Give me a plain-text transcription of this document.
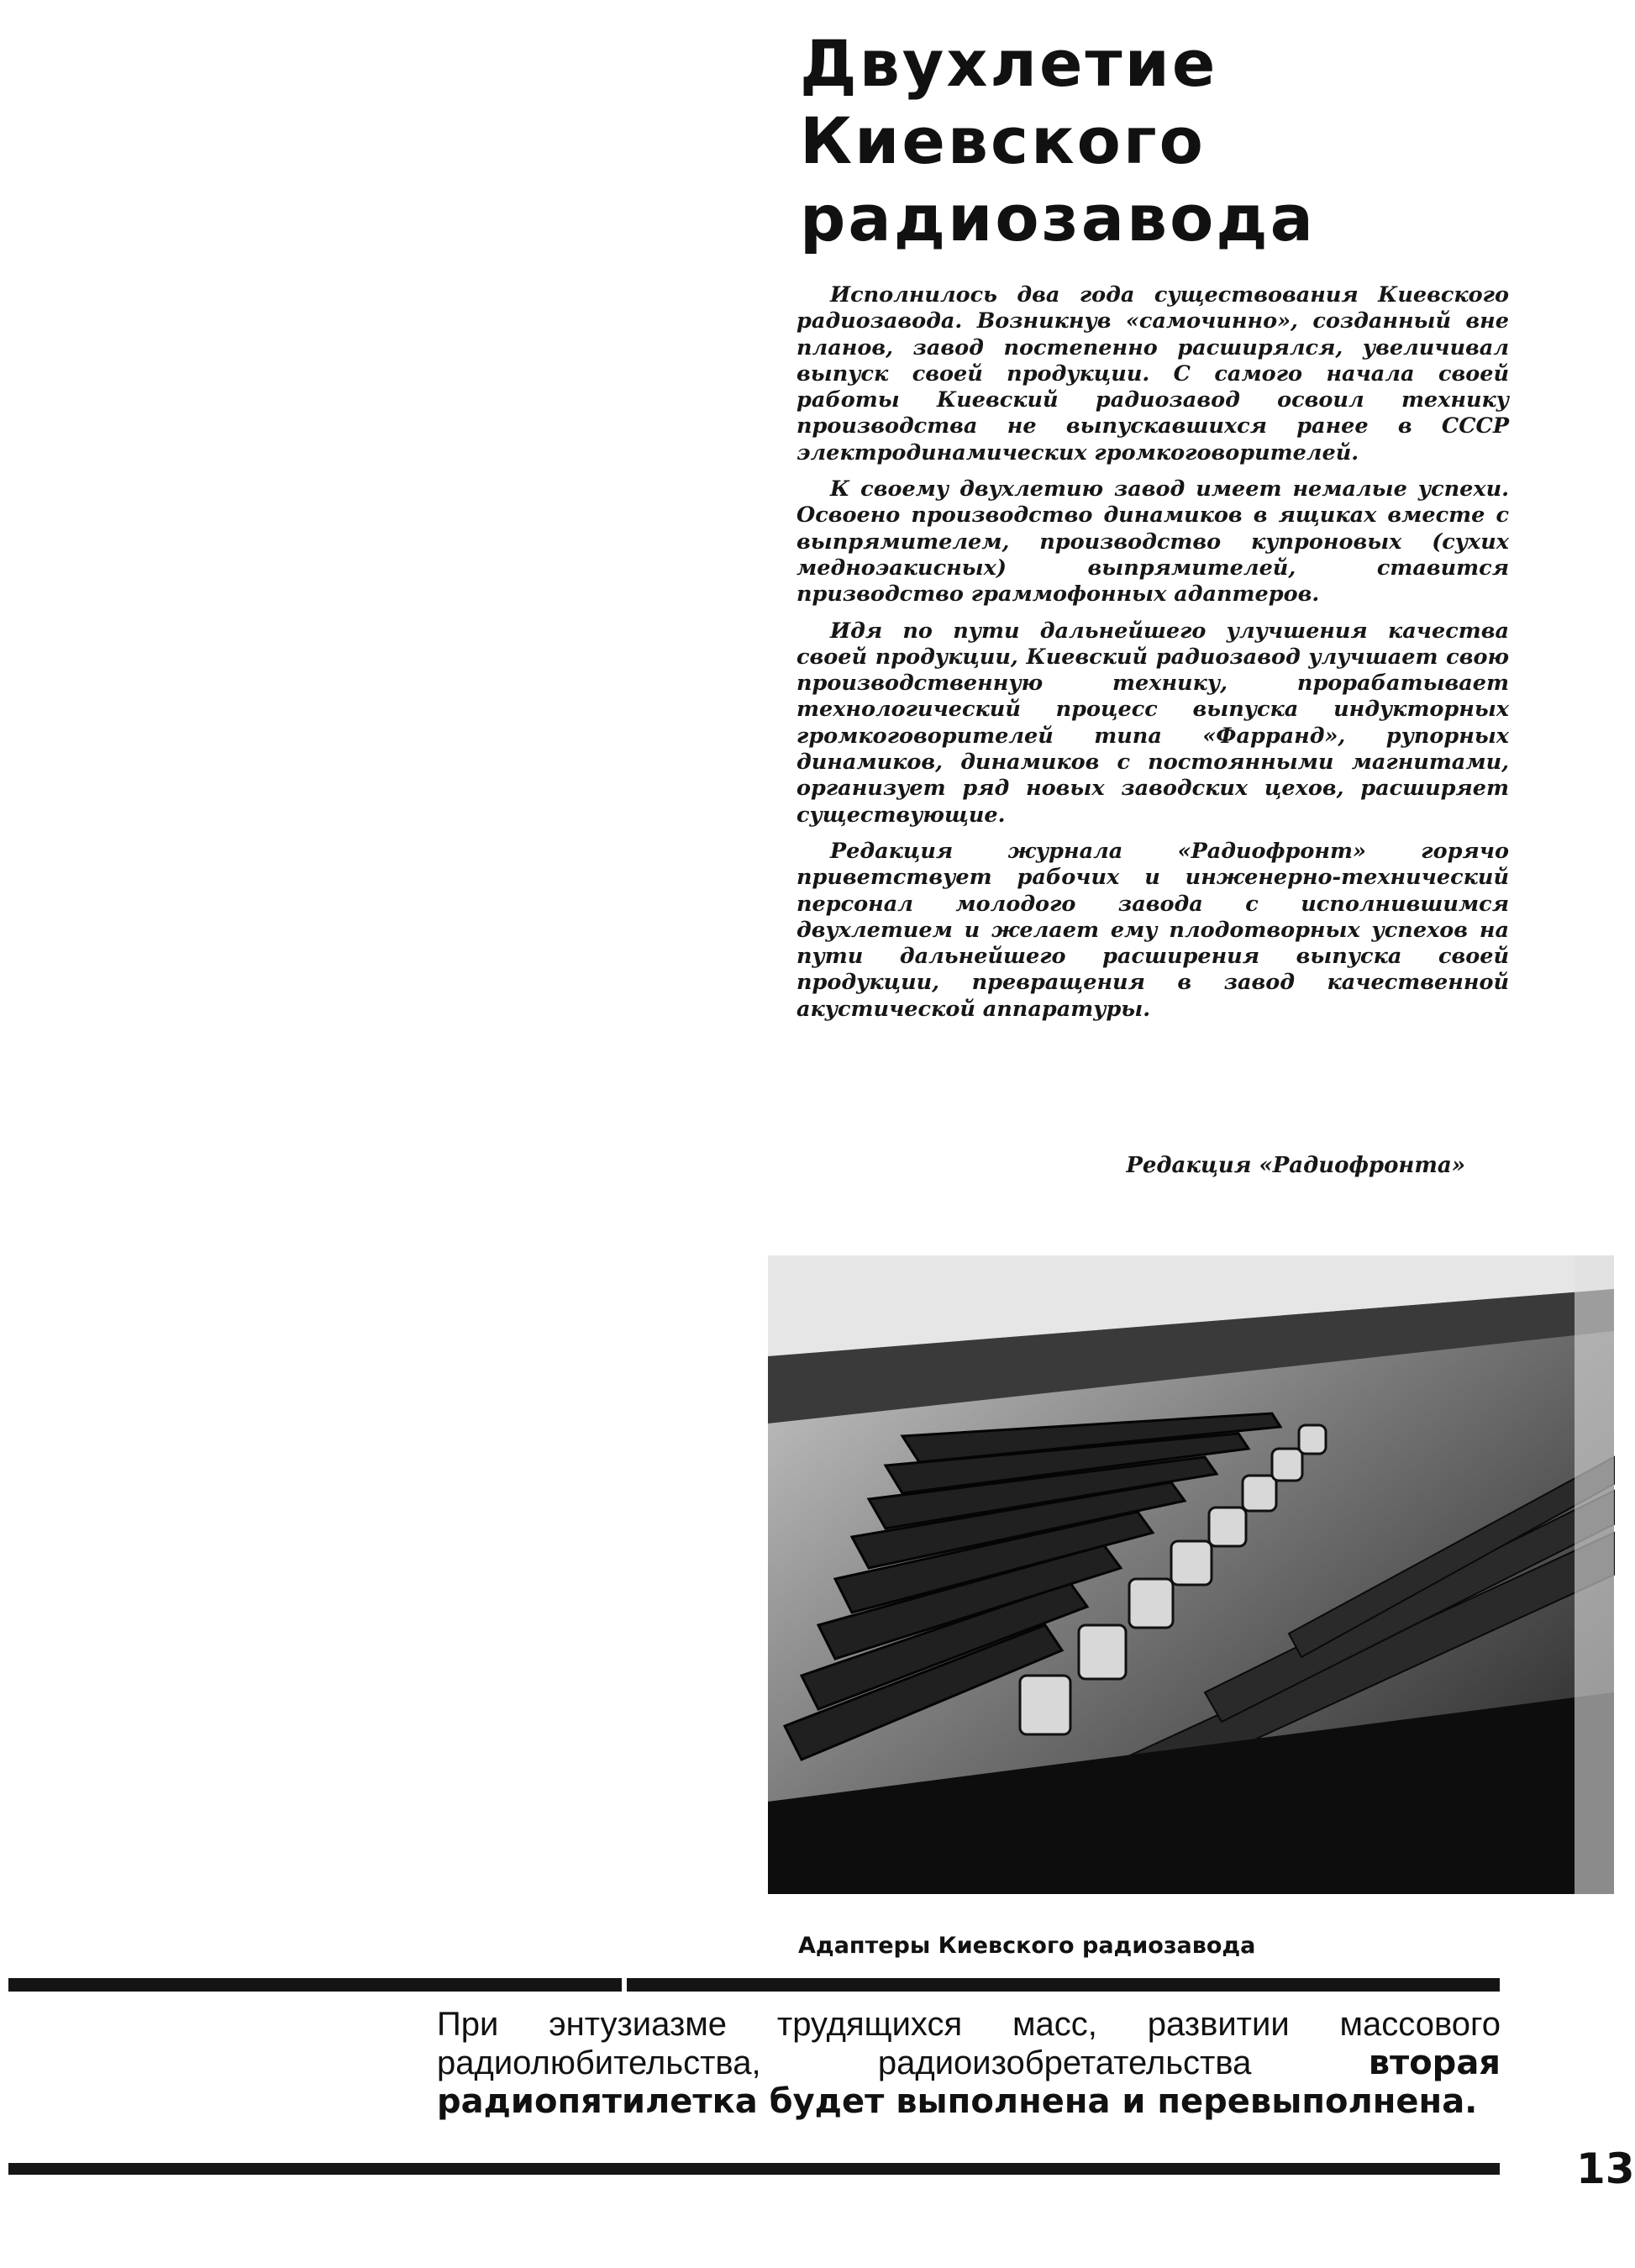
Двухлетие
Киевского
радиозавода

Исполнилось два года существования Киевского радиозавода. Возникнув «самочинно», созданный вне планов, завод постепенно расширялся, увеличивал выпуск своей продукции. С самого начала своей работы Киевский радиозавод освоил технику производства не выпускавшихся ранее в СССР электродинамических громкоговорителей.

К своему двухлетию завод имеет немалые успехи. Освоено производство динамиков в ящиках вместе с выпрямителем, производство купроновых (сухих медноэакисных) выпрямителей, ставится призводство граммофонных адаптеров.

Идя по пути дальнейшего улучшения качества своей продукции, Киевский радиозавод улучшает свою производственную технику, прорабатывает технологический процесс выпуска индукторных громкоговорителей типа «Фарранд», рупорных динамиков, динамиков с постоянными магнитами, организует ряд новых заводских цехов, расширяет существующие.

Редакция журнала «Радиофронт» горячо приветствует рабочих и инженерно-технический персонал молодого завода с исполнившимся двухлетием и желает ему плодотворных успехов на пути дальнейшего расширения выпуска своей продукции, превращения в завод качественной акустической аппаратуры.

Редакция «Радиофронта»
Адаптеры Киевского радиозавода
При энтузиазме трудящихся масс, развитии массового радиолюбительства, радиоизобретательства вторая радиопятилетка будет выполнена и перевыполнена.
13
